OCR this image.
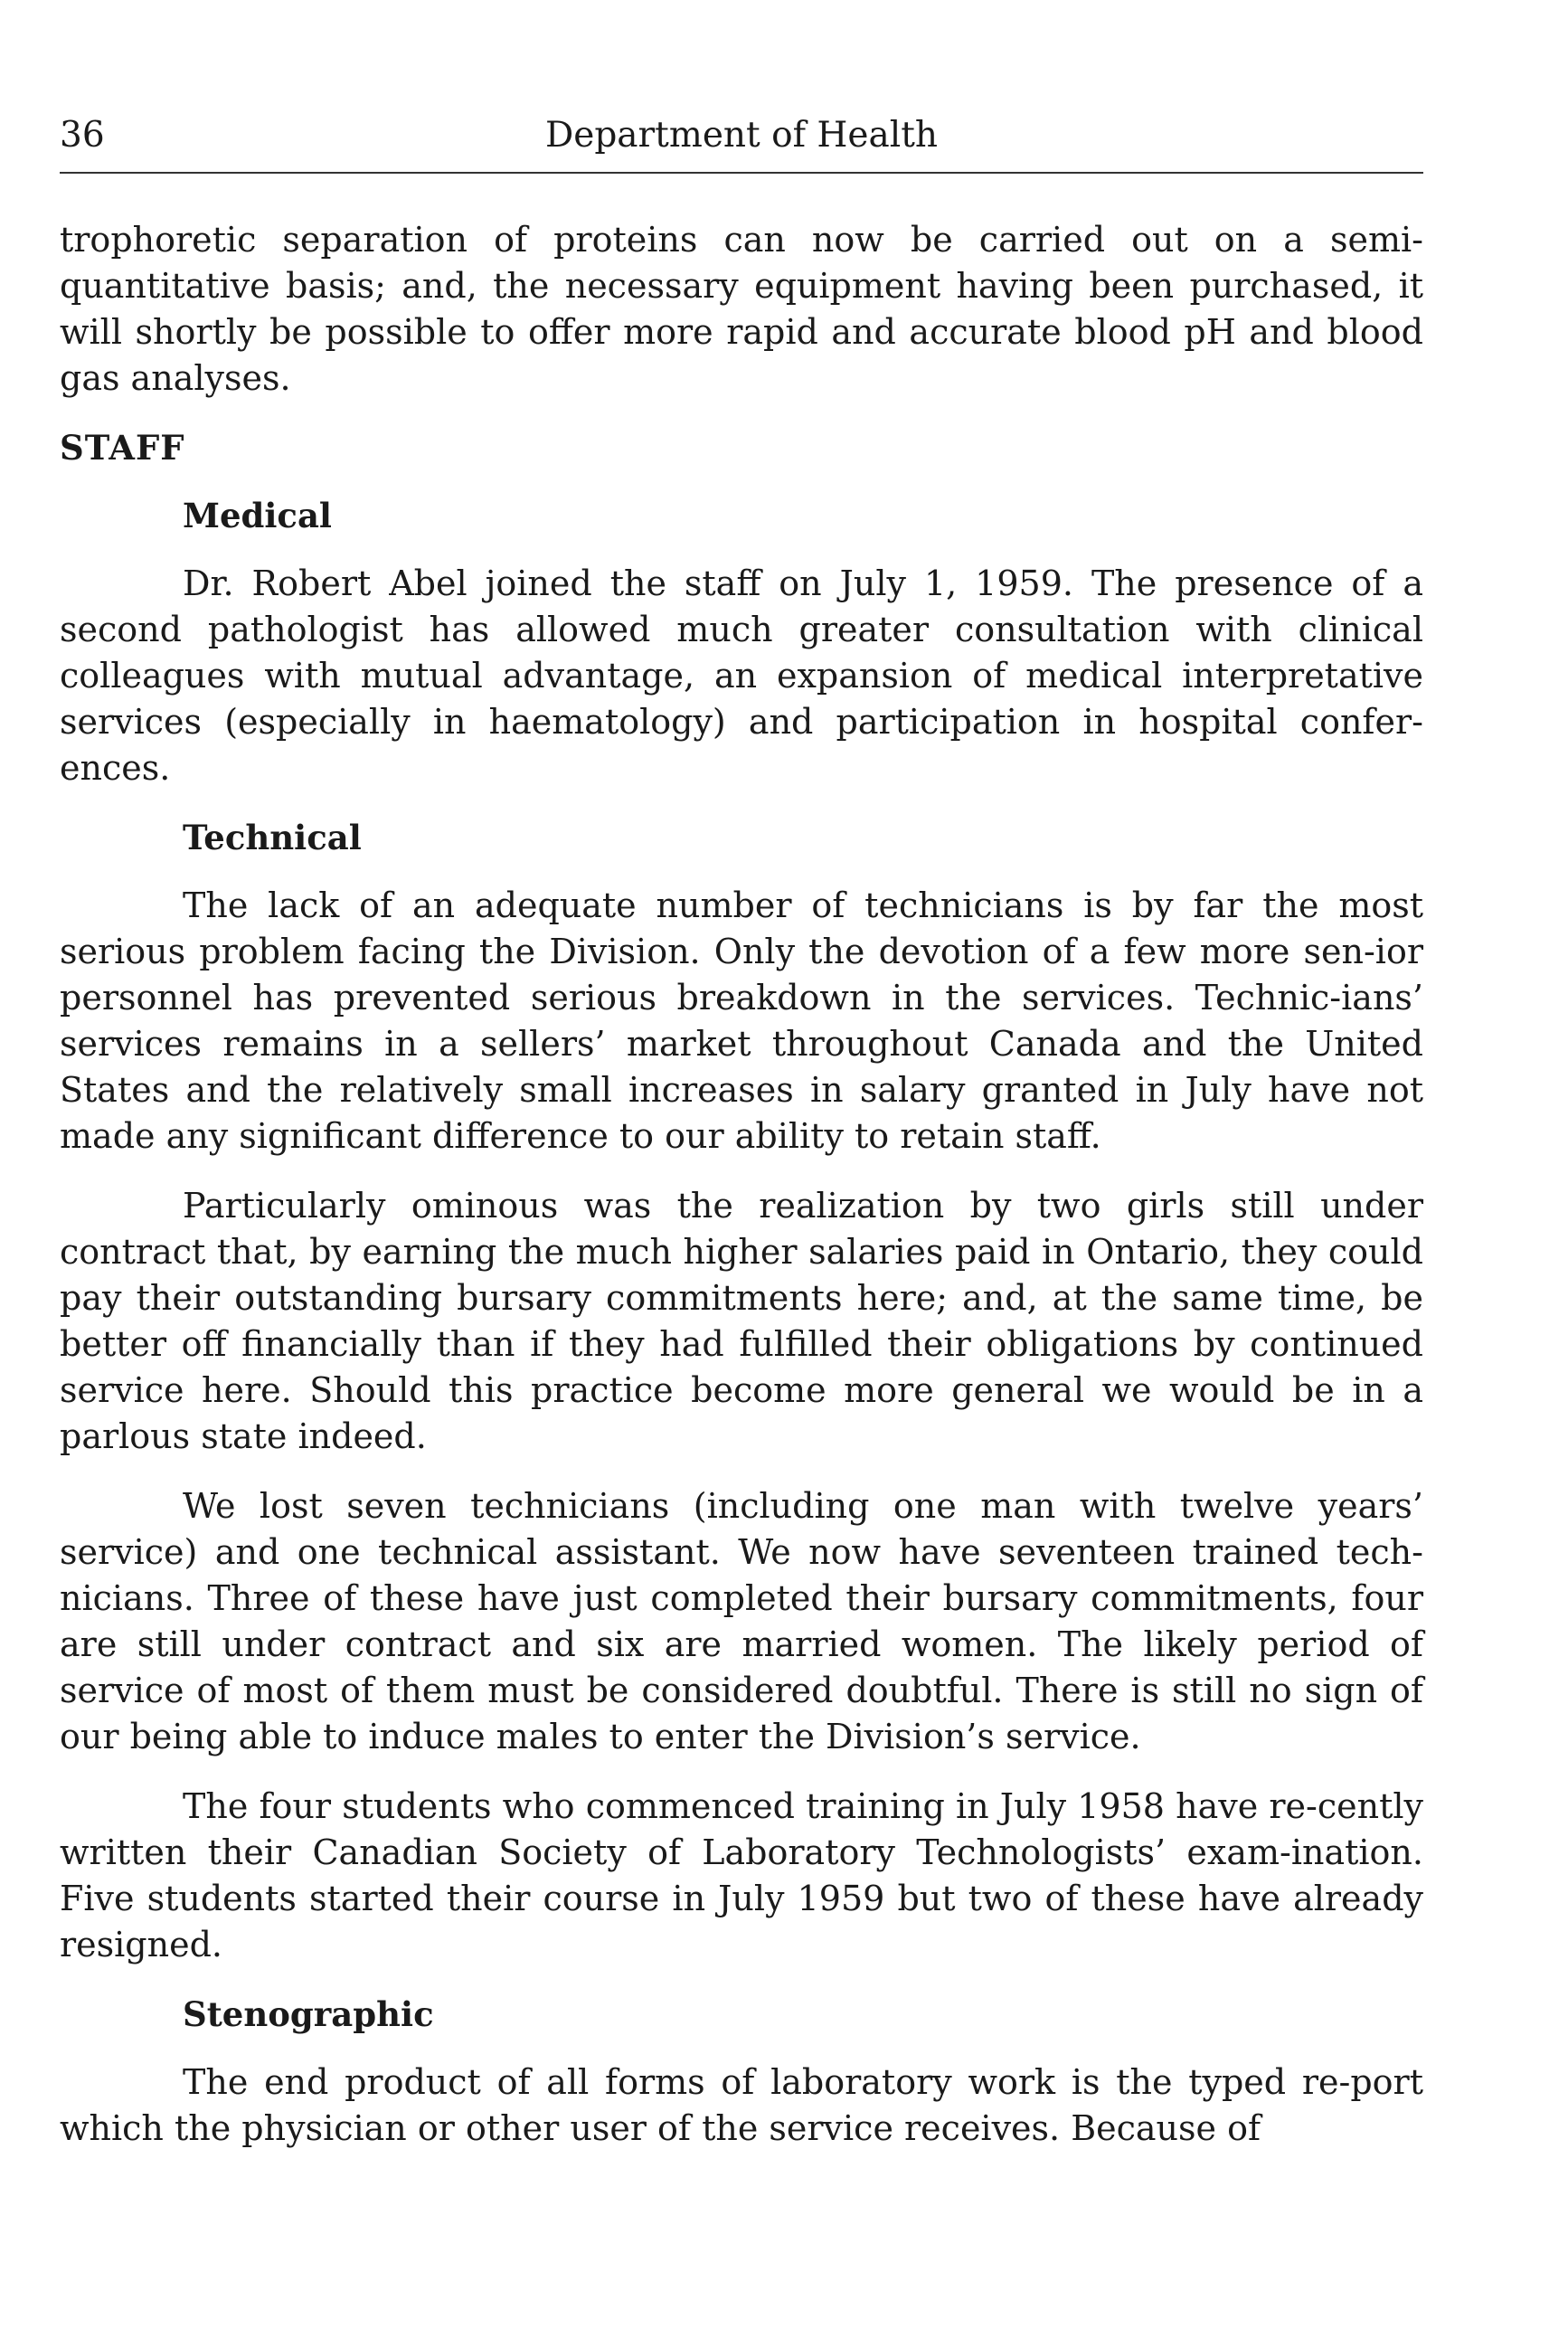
36	Department of Health

trophoretic separation of proteins can now be carried out on a semi-quantitative basis; and, the necessary equipment having been purchased, it will shortly be possible to offer more rapid and accurate blood pH and blood gas analyses.

STAFF
Medical

Dr. Robert Abel joined the staff on July 1, 1959. The presence of a second pathologist has allowed much greater consultation with clinical colleagues with mutual advantage, an expansion of medical interpretative services (especially in haematology) and participation in hospital confer-ences.

Technical

The lack of an adequate number of technicians is by far the most serious problem facing the Division. Only the devotion of a few more sen-ior personnel has prevented serious breakdown in the services. Technic-ians’ services remains in a sellers’ market throughout Canada and the United States and the relatively small increases in salary granted in July have not made any significant difference to our ability to retain staff.

Particularly ominous was the realization by two girls still under contract that, by earning the much higher salaries paid in Ontario, they could pay their outstanding bursary commitments here; and, at the same time, be better off financially than if they had fulfilled their obligations by continued service here. Should this practice become more general we would be in a parlous state indeed.

We lost seven technicians (including one man with twelve years’ service) and one technical assistant. We now have seventeen trained tech-nicians. Three of these have just completed their bursary commitments, four are still under contract and six are married women. The likely period of service of most of them must be considered doubtful. There is still no sign of our being able to induce males to enter the Division’s service.

The four students who commenced training in July 1958 have re-cently written their Canadian Society of Laboratory Technologists’ exam-ination. Five students started their course in July 1959 but two of these have already resigned.

Stenographic

The end product of all forms of laboratory work is the typed re-port which the physician or other user of the service receives. Because of
